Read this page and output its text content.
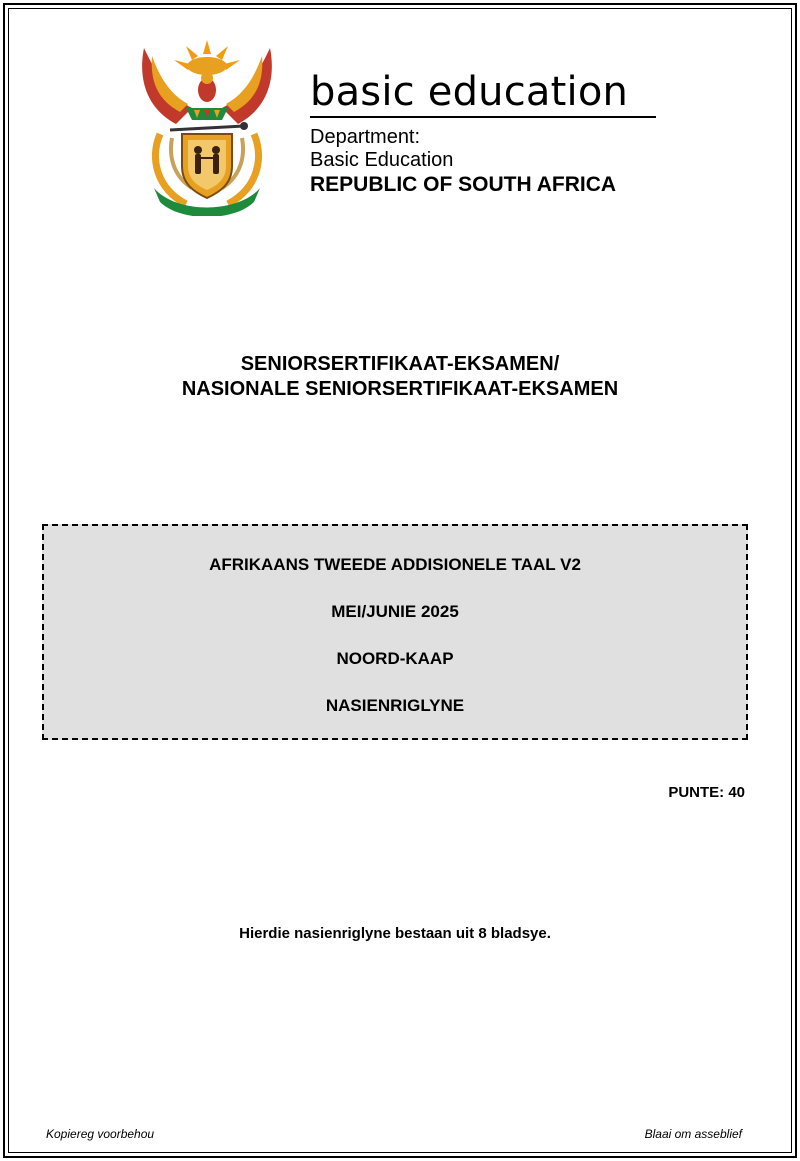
basic education
Department:
Basic Education
REPUBLIC OF SOUTH AFRICA
SENIORSERTIFIKAAT-EKSAMEN/
NASIONALE SENIORSERTIFIKAAT-EKSAMEN
AFRIKAANS TWEEDE ADDISIONELE TAAL V2
MEI/JUNIE 2025
NOORD-KAAP
NASIENRIGLYNE
PUNTE: 40
Hierdie nasienriglyne bestaan uit 8 bladsye.
Kopiereg voorbehou	Blaai om asseblief
